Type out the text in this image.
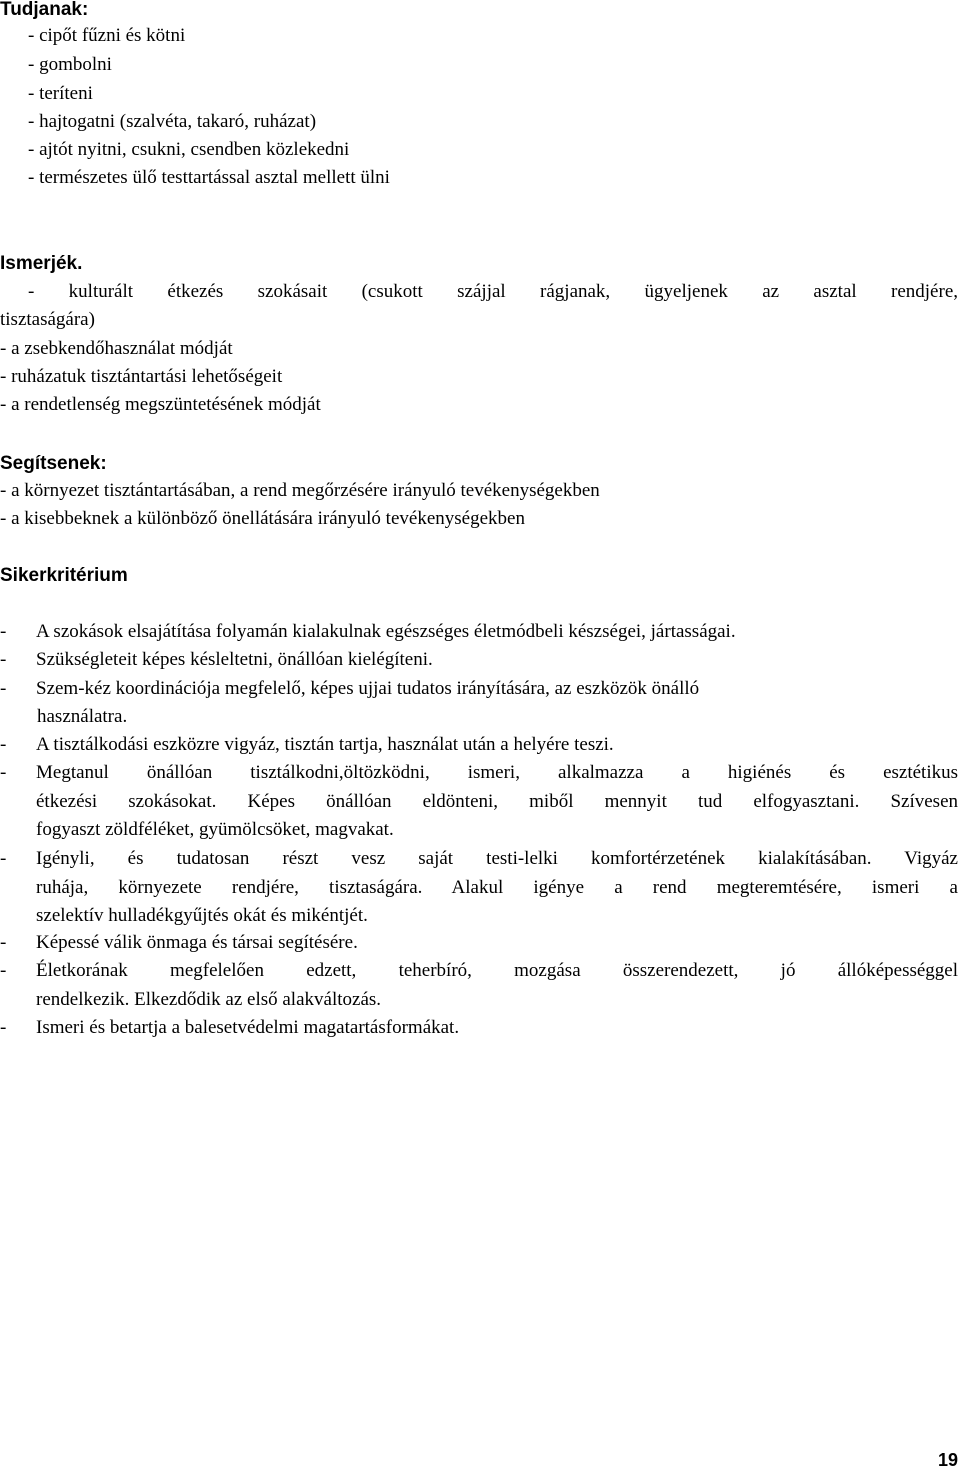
Tudjanak:
- cipőt fűzni és kötni
- gombolni
- teríteni
- hajtogatni (szalvéta, takaró, ruházat)
- ajtót nyitni, csukni, csendben közlekedni
- természetes ülő testtartással asztal mellett ülni
Ismerjék.
- kulturált étkezés szokásait (csukott szájjal rágjanak, ügyeljenek az asztal rendjére,
tisztaságára)
- a zsebkendőhasználat módját
- ruházatuk tisztántartási lehetőségeit
- a rendetlenség megszüntetésének módját
Segítsenek:
- a környezet tisztántartásában, a rend megőrzésére irányuló tevékenységekben
- a kisebbeknek a különböző önellátására irányuló tevékenységekben
Sikerkritérium
- A szokások elsajátítása folyamán kialakulnak egészséges életmódbeli készségei, jártasságai.
- Szükségleteit képes késleltetni, önállóan kielégíteni.
- Szem-kéz koordinációja megfelelő, képes ujjai tudatos irányítására, az eszközök önálló
használatra.
- A tisztálkodási eszközre vigyáz, tisztán tartja, használat után a helyére teszi.
- Megtanul önállóan tisztálkodni,öltözködni, ismeri, alkalmazza a higiénés és esztétikus
étkezési szokásokat. Képes önállóan eldönteni, miből mennyit tud elfogyasztani. Szívesen
fogyaszt zöldféléket, gyümölcsöket, magvakat.
- Igényli, és tudatosan részt vesz saját testi-lelki komfortérzetének kialakításában. Vigyáz
ruhája, környezete rendjére, tisztaságára. Alakul igénye a rend megteremtésére, ismeri a
szelektív hulladékgyűjtés okát és mikéntjét.
- Képessé válik önmaga és társai segítésére.
- Életkorának megfelelően edzett, teherbíró, mozgása összerendezett, jó állóképességgel
rendelkezik. Elkezdődik az első alakváltozás.
- Ismeri és betartja a balesetvédelmi magatartásformákat.
19
